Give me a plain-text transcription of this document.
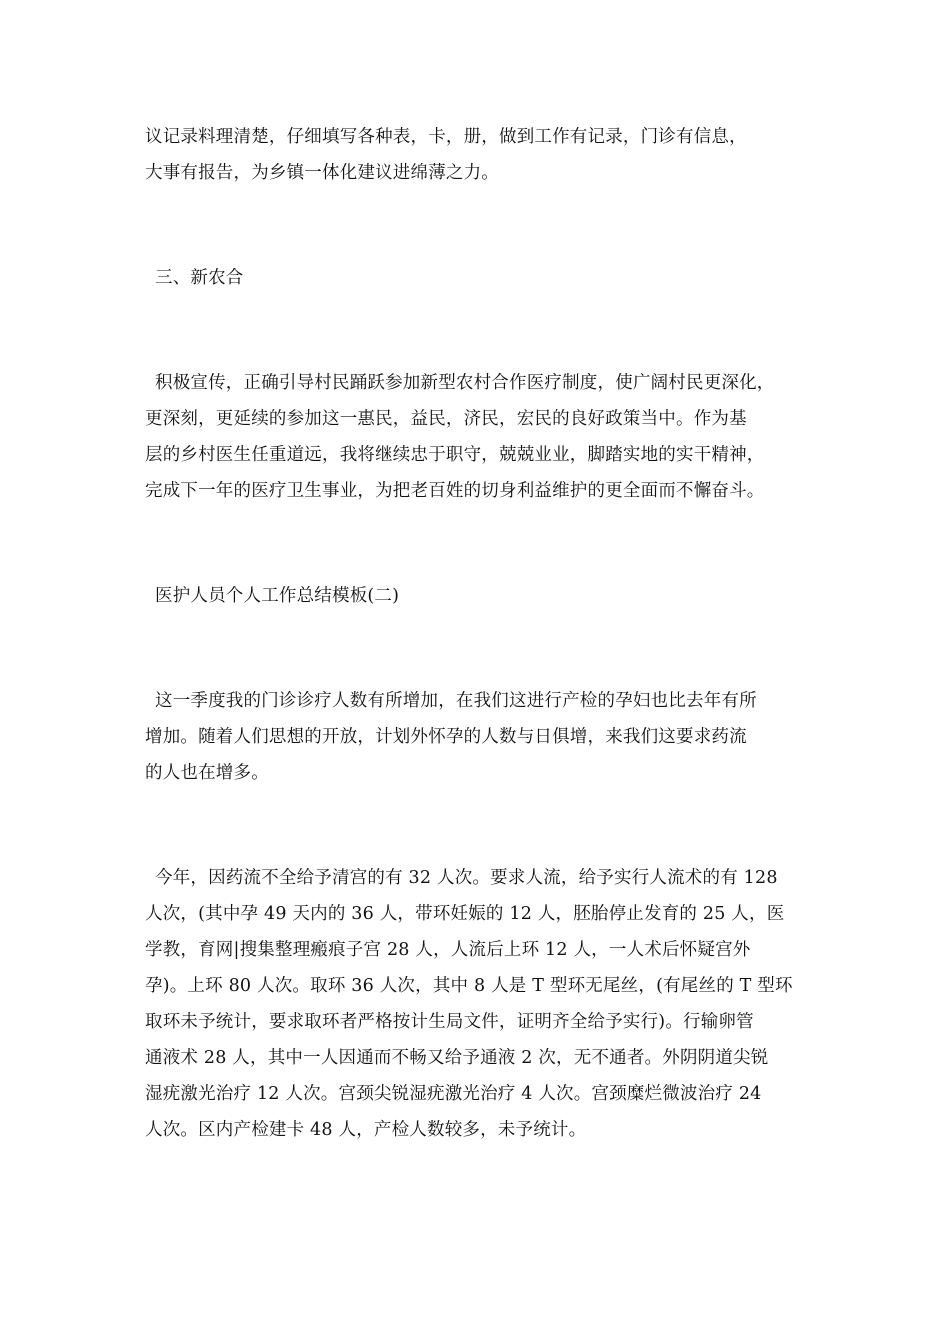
议记录料理清楚，仔细填写各种表，卡，册，做到工作有记录，门诊有信息，
大事有报告，为乡镇一体化建议进绵薄之力。
三、新农合
积极宣传，正确引导村民踊跃参加新型农村合作医疗制度，使广阔村民更深化，
更深刻，更延续的参加这一惠民，益民，济民，宏民的良好政策当中。作为基
层的乡村医生任重道远，我将继续忠于职守，兢兢业业，脚踏实地的实干精神，
完成下一年的医疗卫生事业，为把老百姓的切身利益维护的更全面而不懈奋斗。
医护人员个人工作总结模板(二)
这一季度我的门诊诊疗人数有所增加，在我们这进行产检的孕妇也比去年有所
增加。随着人们思想的开放，计划外怀孕的人数与日俱增，来我们这要求药流
的人也在增多。
今年，因药流不全给予清宫的有 32 人次。要求人流，给予实行人流术的有 128
人次，(其中孕 49 天内的 36 人，带环妊娠的 12 人，胚胎停止发育的 25 人，医
学教，育网|搜集整理瘢痕子宫 28 人，人流后上环 12 人，一人术后怀疑宫外
孕)。上环 80 人次。取环 36 人次，其中 8 人是 T 型环无尾丝，(有尾丝的 T 型环
取环未予统计，要求取环者严格按计生局文件，证明齐全给予实行)。行输卵管
通液术 28 人，其中一人因通而不畅又给予通液 2 次，无不通者。外阴阴道尖锐
湿疣激光治疗 12 人次。宫颈尖锐湿疣激光治疗 4 人次。宫颈糜烂微波治疗 24
人次。区内产检建卡 48 人，产检人数较多，未予统计。
